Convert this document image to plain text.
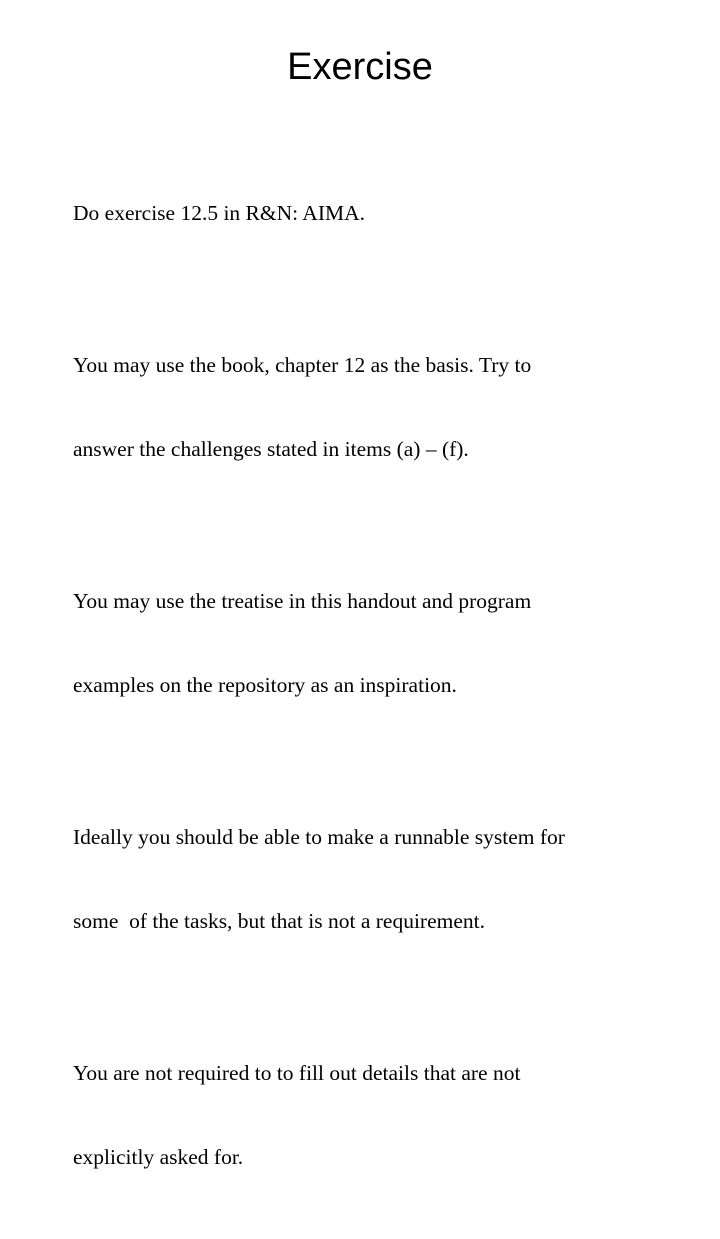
Exercise

Do exercise 12.5 in R&N: AIMA.

You may use the book, chapter 12 as the basis. Try to

answer the challenges stated in items (a) – (f).

You may use the treatise in this handout and program

examples on the repository as an inspiration.

Ideally you should be able to make a runnable system for

some  of the tasks, but that is not a requirement.

You are not required to to fill out details that are not

explicitly asked for.
